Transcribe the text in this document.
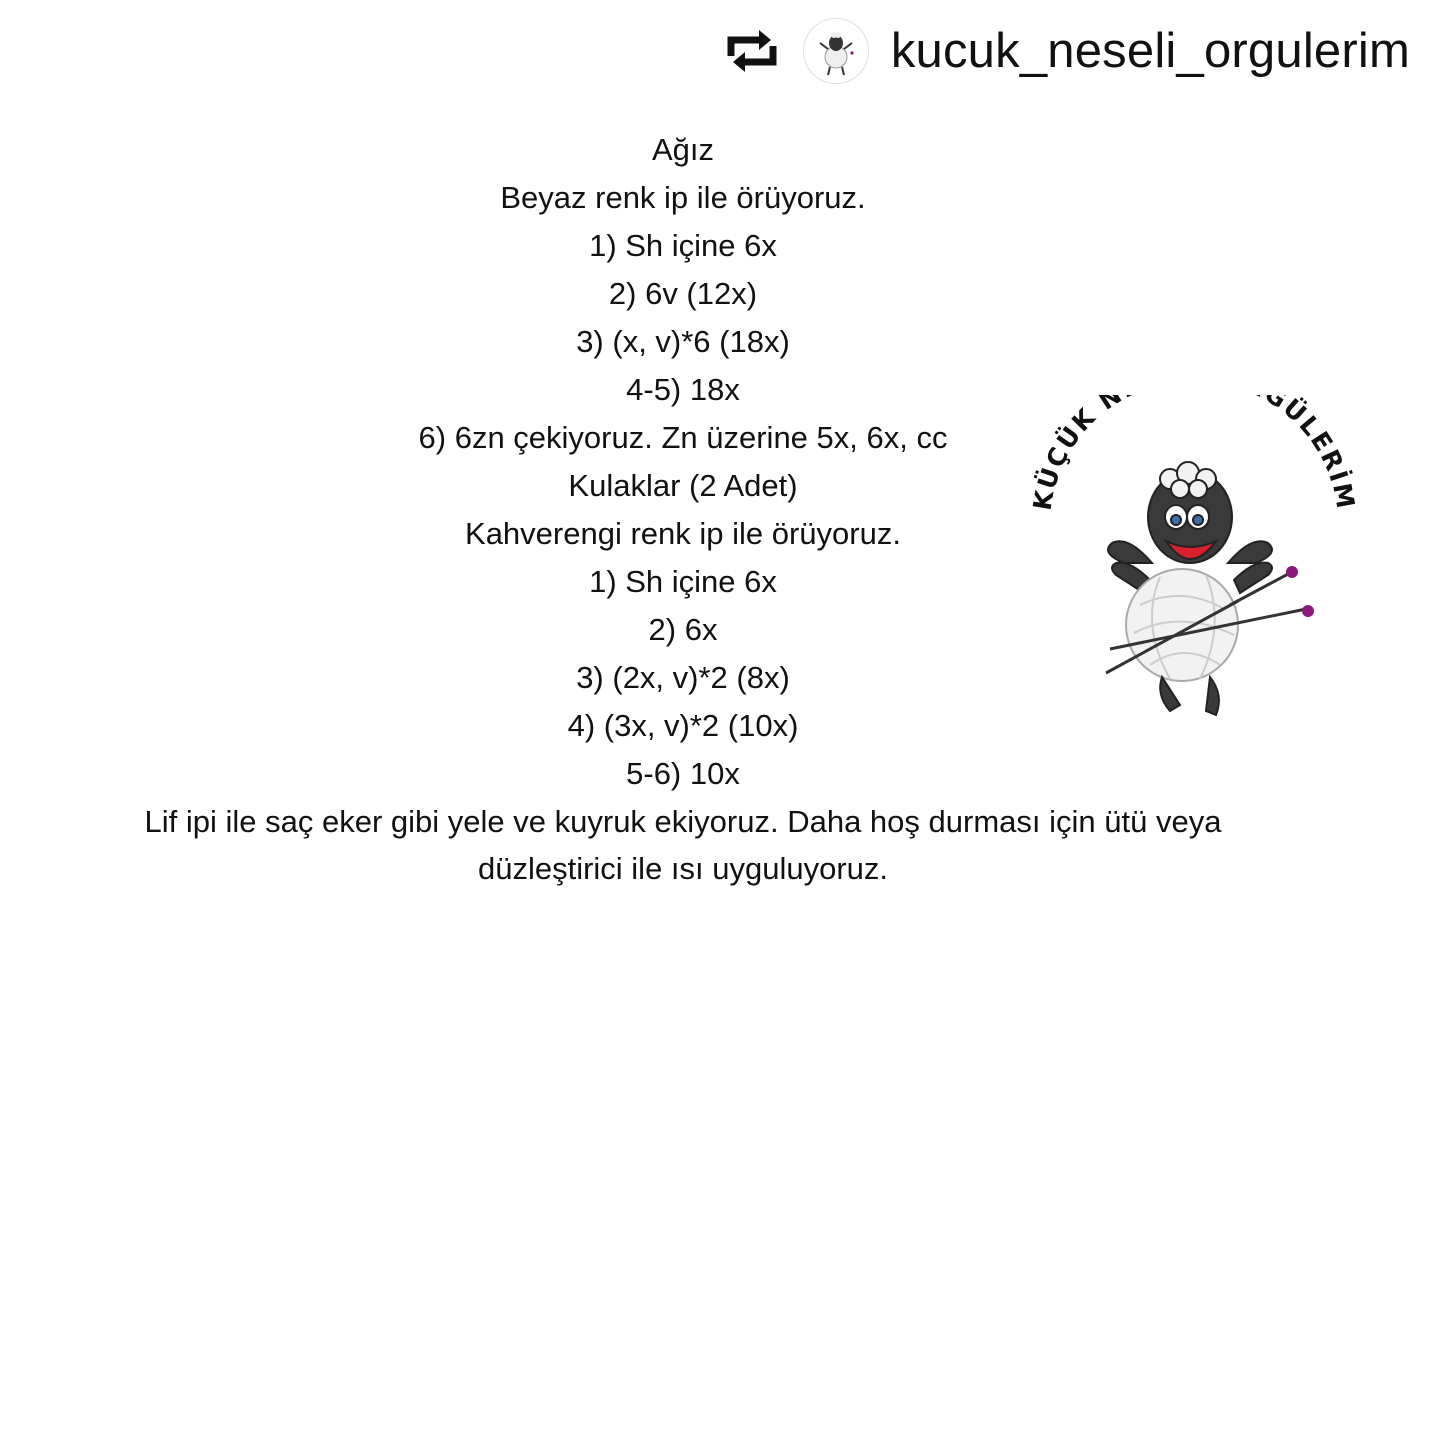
kucuk_neseli_orgulerim
Ağız
Beyaz renk ip ile örüyoruz.
1) Sh içine 6x
2) 6v (12x)
3) (x, v)*6 (18x)
4-5) 18x
6) 6zn çekiyoruz. Zn üzerine 5x, 6x, cc
Kulaklar (2 Adet)
Kahverengi renk ip ile örüyoruz.
1) Sh içine 6x
2) 6x
3) (2x, v)*2 (8x)
4) (3x, v)*2 (10x)
5-6) 10x
Lif ipi ile saç eker gibi yele ve kuyruk ekiyoruz. Daha hoş durması için ütü veya düzleştirici ile ısı uyguluyoruz.
KÜÇÜK N GÜLERİM
